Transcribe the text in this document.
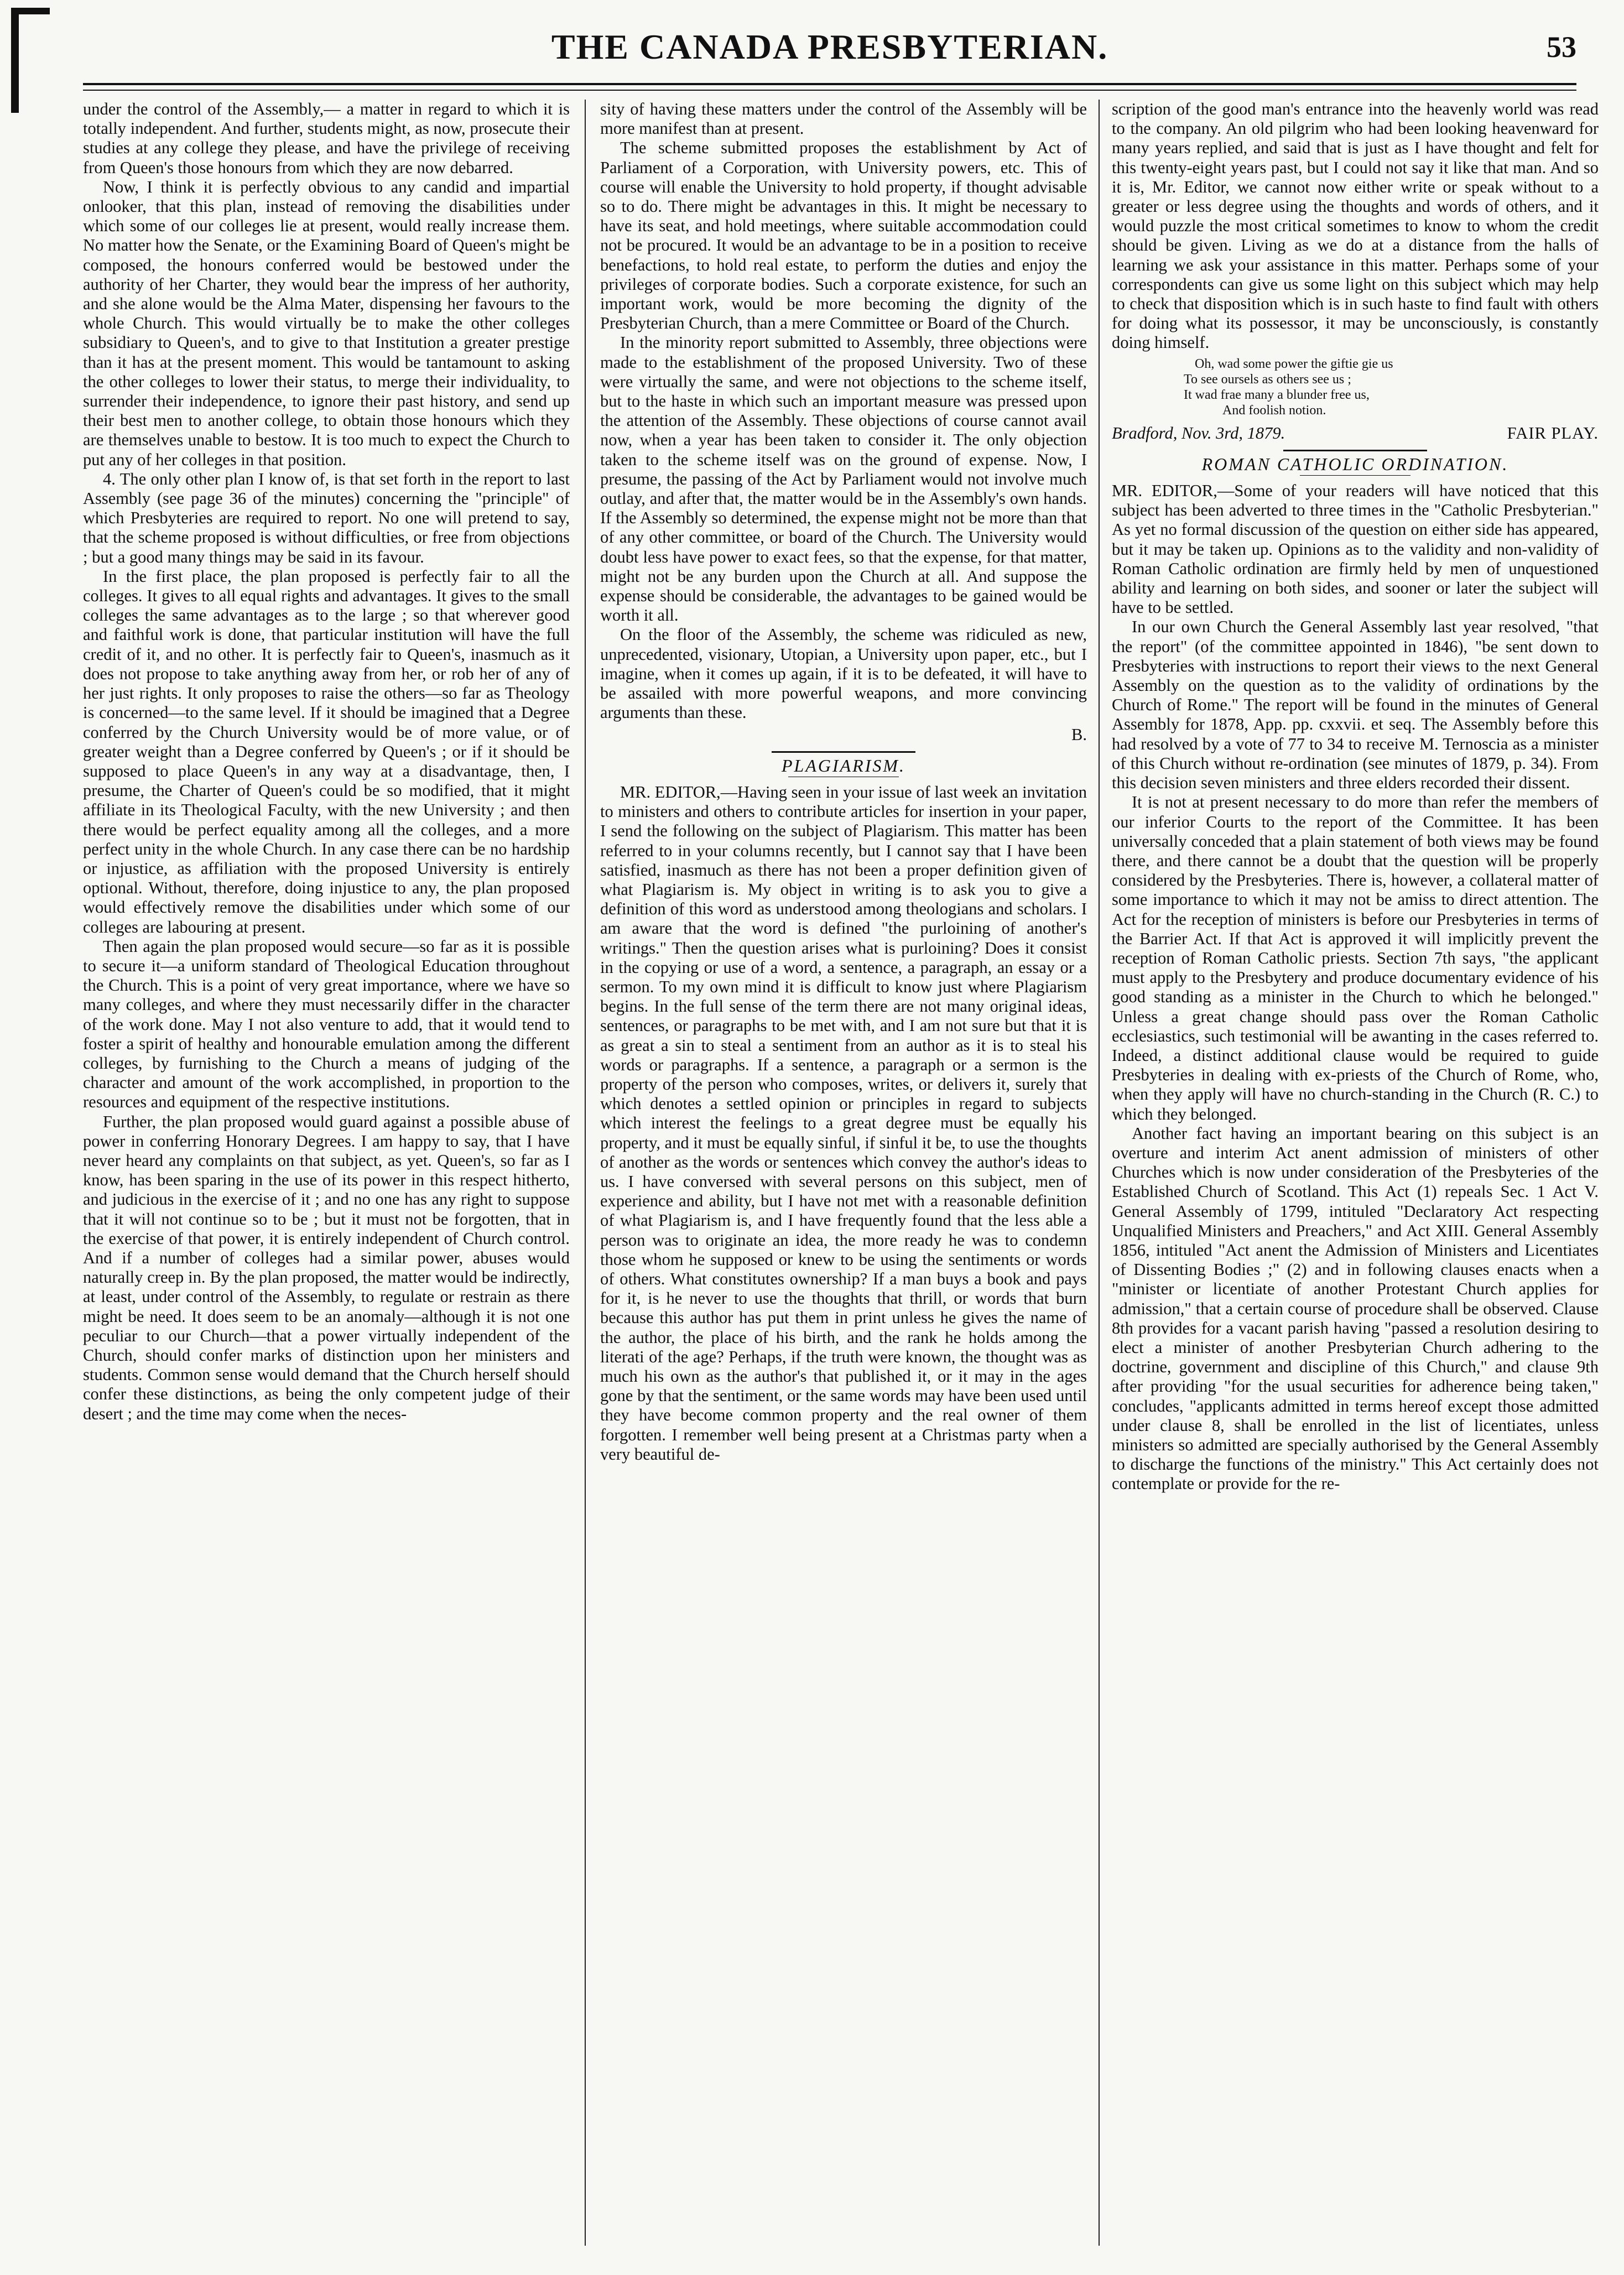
THE CANADA PRESBYTERIAN.	53

under the control of the Assembly,— a matter in regard to which it is totally independent. And further, students might, as now, prosecute their studies at any college they please, and have the privilege of receiving from Queen's those honours from which they are now debarred.

Now, I think it is perfectly obvious to any candid and impartial onlooker, that this plan, instead of removing the disabilities under which some of our colleges lie at present, would really increase them. No matter how the Senate, or the Examining Board of Queen's might be composed, the honours conferred would be bestowed under the authority of her Charter, they would bear the impress of her authority, and she alone would be the Alma Mater, dispensing her favours to the whole Church. This would virtually be to make the other colleges subsidiary to Queen's, and to give to that Institution a greater prestige than it has at the present moment. This would be tantamount to asking the other colleges to lower their status, to merge their individuality, to surrender their independence, to ignore their past history, and send up their best men to another college, to obtain those honours which they are themselves unable to bestow. It is too much to expect the Church to put any of her colleges in that position.

4. The only other plan I know of, is that set forth in the report to last Assembly (see page 36 of the minutes) concerning the "principle" of which Presbyteries are required to report. No one will pretend to say, that the scheme proposed is without difficulties, or free from objections ; but a good many things may be said in its favour.

In the first place, the plan proposed is perfectly fair to all the colleges. It gives to all equal rights and advantages. It gives to the small colleges the same advantages as to the large ; so that wherever good and faithful work is done, that particular institution will have the full credit of it, and no other. It is perfectly fair to Queen's, inasmuch as it does not propose to take anything away from her, or rob her of any of her just rights. It only proposes to raise the others—so far as Theology is concerned—to the same level. If it should be imagined that a Degree conferred by the Church University would be of more value, or of greater weight than a Degree conferred by Queen's ; or if it should be supposed to place Queen's in any way at a disadvantage, then, I presume, the Charter of Queen's could be so modified, that it might affiliate in its Theological Faculty, with the new University ; and then there would be perfect equality among all the colleges, and a more perfect unity in the whole Church. In any case there can be no hardship or injustice, as affiliation with the proposed University is entirely optional. Without, therefore, doing injustice to any, the plan proposed would effectively remove the disabilities under which some of our colleges are labouring at present.

Then again the plan proposed would secure—so far as it is possible to secure it—a uniform standard of Theological Education throughout the Church. This is a point of very great importance, where we have so many colleges, and where they must necessarily differ in the character of the work done. May I not also venture to add, that it would tend to foster a spirit of healthy and honourable emulation among the different colleges, by furnishing to the Church a means of judging of the character and amount of the work accomplished, in proportion to the resources and equipment of the respective institutions.

Further, the plan proposed would guard against a possible abuse of power in conferring Honorary Degrees. I am happy to say, that I have never heard any complaints on that subject, as yet. Queen's, so far as I know, has been sparing in the use of its power in this respect hitherto, and judicious in the exercise of it ; and no one has any right to suppose that it will not continue so to be ; but it must not be forgotten, that in the exercise of that power, it is entirely independent of Church control. And if a number of colleges had a similar power, abuses would naturally creep in. By the plan proposed, the matter would be indirectly, at least, under control of the Assembly, to regulate or restrain as there might be need. It does seem to be an anomaly—although it is not one peculiar to our Church—that a power virtually independent of the Church, should confer marks of distinction upon her ministers and students. Common sense would demand that the Church herself should confer these distinctions, as being the only competent judge of their desert ; and the time may come when the neces-

sity of having these matters under the control of the Assembly will be more manifest than at present.

The scheme submitted proposes the establishment by Act of Parliament of a Corporation, with University powers, etc. This of course will enable the University to hold property, if thought advisable so to do. There might be advantages in this. It might be necessary to have its seat, and hold meetings, where suitable accommodation could not be procured. It would be an advantage to be in a position to receive benefactions, to hold real estate, to perform the duties and enjoy the privileges of corporate bodies. Such a corporate existence, for such an important work, would be more becoming the dignity of the Presbyterian Church, than a mere Committee or Board of the Church.

In the minority report submitted to Assembly, three objections were made to the establishment of the proposed University. Two of these were virtually the same, and were not objections to the scheme itself, but to the haste in which such an important measure was pressed upon the attention of the Assembly. These objections of course cannot avail now, when a year has been taken to consider it. The only objection taken to the scheme itself was on the ground of expense. Now, I presume, the passing of the Act by Parliament would not involve much outlay, and after that, the matter would be in the Assembly's own hands. If the Assembly so determined, the expense might not be more than that of any other committee, or board of the Church. The University would doubt less have power to exact fees, so that the expense, for that matter, might not be any burden upon the Church at all. And suppose the expense should be considerable, the advantages to be gained would be worth it all.

On the floor of the Assembly, the scheme was ridiculed as new, unprecedented, visionary, Utopian, a University upon paper, etc., but I imagine, when it comes up again, if it is to be defeated, it will have to be assailed with more powerful weapons, and more convincing arguments than these.

B.

PLAGIARISM.

MR. EDITOR,—Having seen in your issue of last week an invitation to ministers and others to contribute articles for insertion in your paper, I send the following on the subject of Plagiarism. This matter has been referred to in your columns recently, but I cannot say that I have been satisfied, inasmuch as there has not been a proper definition given of what Plagiarism is. My object in writing is to ask you to give a definition of this word as understood among theologians and scholars. I am aware that the word is defined "the purloining of another's writings." Then the question arises what is purloining? Does it consist in the copying or use of a word, a sentence, a paragraph, an essay or a sermon. To my own mind it is difficult to know just where Plagiarism begins. In the full sense of the term there are not many original ideas, sentences, or paragraphs to be met with, and I am not sure but that it is as great a sin to steal a sentiment from an author as it is to steal his words or paragraphs. If a sentence, a paragraph or a sermon is the property of the person who composes, writes, or delivers it, surely that which denotes a settled opinion or principles in regard to subjects which interest the feelings to a great degree must be equally his property, and it must be equally sinful, if sinful it be, to use the thoughts of another as the words or sentences which convey the author's ideas to us. I have conversed with several persons on this subject, men of experience and ability, but I have not met with a reasonable definition of what Plagiarism is, and I have frequently found that the less able a person was to originate an idea, the more ready he was to condemn those whom he supposed or knew to be using the sentiments or words of others. What constitutes ownership? If a man buys a book and pays for it, is he never to use the thoughts that thrill, or words that burn because this author has put them in print unless he gives the name of the author, the place of his birth, and the rank he holds among the literati of the age? Perhaps, if the truth were known, the thought was as much his own as the author's that published it, or it may in the ages gone by that the sentiment, or the same words may have been used until they have become common property and the real owner of them forgotten. I remember well being present at a Christmas party when a very beautiful de-

scription of the good man's entrance into the heavenly world was read to the company. An old pilgrim who had been looking heavenward for many years replied, and said that is just as I have thought and felt for this twenty-eight years past, but I could not say it like that man. And so it is, Mr. Editor, we cannot now either write or speak without to a greater or less degree using the thoughts and words of others, and it would puzzle the most critical sometimes to know to whom the credit should be given. Living as we do at a distance from the halls of learning we ask your assistance in this matter. Perhaps some of your correspondents can give us some light on this subject which may help to check that disposition which is in such haste to find fault with others for doing what its possessor, it may be unconsciously, is constantly doing himself.

Oh, wad some power the giftie gie us
To see oursels as others see us ;
It wad frae many a blunder free us,
And foolish notion.
Bradford, Nov. 3rd, 1879.	FAIR PLAY.

ROMAN CATHOLIC ORDINATION.

MR. EDITOR,—Some of your readers will have noticed that this subject has been adverted to three times in the "Catholic Presbyterian." As yet no formal discussion of the question on either side has appeared, but it may be taken up. Opinions as to the validity and non-validity of Roman Catholic ordination are firmly held by men of unquestioned ability and learning on both sides, and sooner or later the subject will have to be settled.

In our own Church the General Assembly last year resolved, "that the report" (of the committee appointed in 1846), "be sent down to Presbyteries with instructions to report their views to the next General Assembly on the question as to the validity of ordinations by the Church of Rome." The report will be found in the minutes of General Assembly for 1878, App. pp. cxxvii. et seq. The Assembly before this had resolved by a vote of 77 to 34 to receive M. Ternoscia as a minister of this Church without re-ordination (see minutes of 1879, p. 34). From this decision seven ministers and three elders recorded their dissent.

It is not at present necessary to do more than refer the members of our inferior Courts to the report of the Committee. It has been universally conceded that a plain statement of both views may be found there, and there cannot be a doubt that the question will be properly considered by the Presbyteries. There is, however, a collateral matter of some importance to which it may not be amiss to direct attention. The Act for the reception of ministers is before our Presbyteries in terms of the Barrier Act. If that Act is approved it will implicitly prevent the reception of Roman Catholic priests. Section 7th says, "the applicant must apply to the Presbytery and produce documentary evidence of his good standing as a minister in the Church to which he belonged." Unless a great change should pass over the Roman Catholic ecclesiastics, such testimonial will be awanting in the cases referred to. Indeed, a distinct additional clause would be required to guide Presbyteries in dealing with ex-priests of the Church of Rome, who, when they apply will have no church-standing in the Church (R. C.) to which they belonged.

Another fact having an important bearing on this subject is an overture and interim Act anent admission of ministers of other Churches which is now under consideration of the Presbyteries of the Established Church of Scotland. This Act (1) repeals Sec. 1 Act V. General Assembly of 1799, intituled "Declaratory Act respecting Unqualified Ministers and Preachers," and Act XIII. General Assembly 1856, intituled "Act anent the Admission of Ministers and Licentiates of Dissenting Bodies ;" (2) and in following clauses enacts when a "minister or licentiate of another Protestant Church applies for admission," that a certain course of procedure shall be observed. Clause 8th provides for a vacant parish having "passed a resolution desiring to elect a minister of another Presbyterian Church adhering to the doctrine, government and discipline of this Church," and clause 9th after providing "for the usual securities for adherence being taken," concludes, "applicants admitted in terms hereof except those admitted under clause 8, shall be enrolled in the list of licentiates, unless ministers so admitted are specially authorised by the General Assembly to discharge the functions of the ministry." This Act certainly does not contemplate or provide for the re-
